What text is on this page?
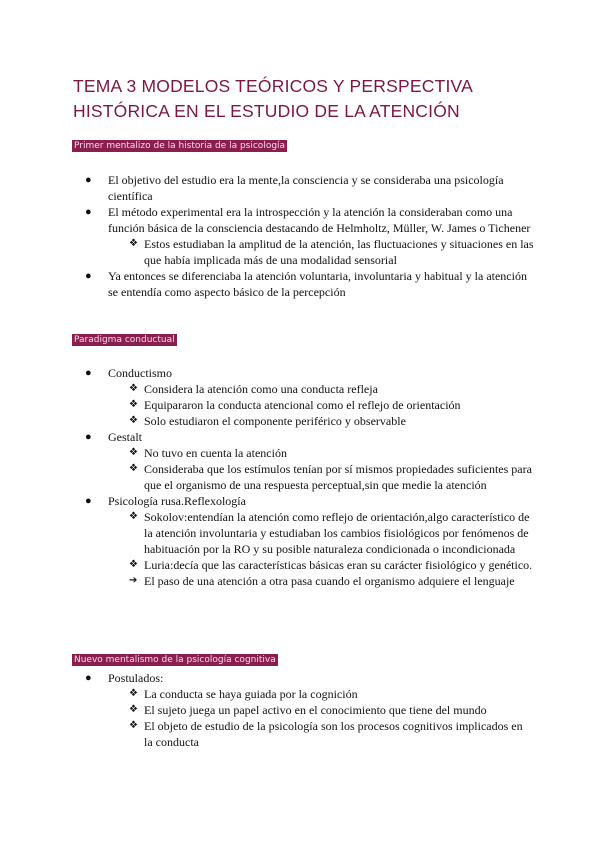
TEMA 3 MODELOS TEÓRICOS Y PERSPECTIVA
HISTÓRICA EN EL ESTUDIO DE LA ATENCIÓN
Primer mentalizo de la historia de la psicología
● El objetivo del estudio era la mente,la consciencia y se consideraba una psicología científica
● El método experimental era la introspección y la atención la consideraban como una función básica de la consciencia destacando de Helmholtz, Müller, W. James o Tichener
❖ Estos estudiaban la amplitud de la atención, las fluctuaciones y situaciones en las que había implicada más de una modalidad sensorial
● Ya entonces se diferenciaba la atención voluntaria, involuntaria y habitual y la atención se entendía como aspecto básico de la percepción
Paradigma conductual
● Conductismo
❖ Considera la atención como una conducta refleja
❖ Equipararon la conducta atencional como el reflejo de orientación
❖ Solo estudiaron el componente periférico y observable
● Gestalt
❖ No tuvo en cuenta la atención
❖ Consideraba que los estímulos tenían por sí mismos propiedades suficientes para que el organismo de una respuesta perceptual,sin que medie la atención
● Psicología rusa.Reflexología
❖ Sokolov:entendían la atención como reflejo de orientación,algo característico de la atención involuntaria y estudiaban los cambios fisiológicos por fenómenos de habituación por la RO y su posible naturaleza condicionada o incondicionada
❖ Luria:decía que las características básicas eran su carácter fisiológico y genético.
➔ El paso de una atención a otra pasa cuando el organismo adquiere el lenguaje
Nuevo mentalismo de la psicología cognitiva
● Postulados:
❖ La conducta se haya guiada por la cognición
❖ El sujeto juega un papel activo en el conocimiento que tiene del mundo
❖ El objeto de estudio de la psicología son los procesos cognitivos implicados en la conducta
